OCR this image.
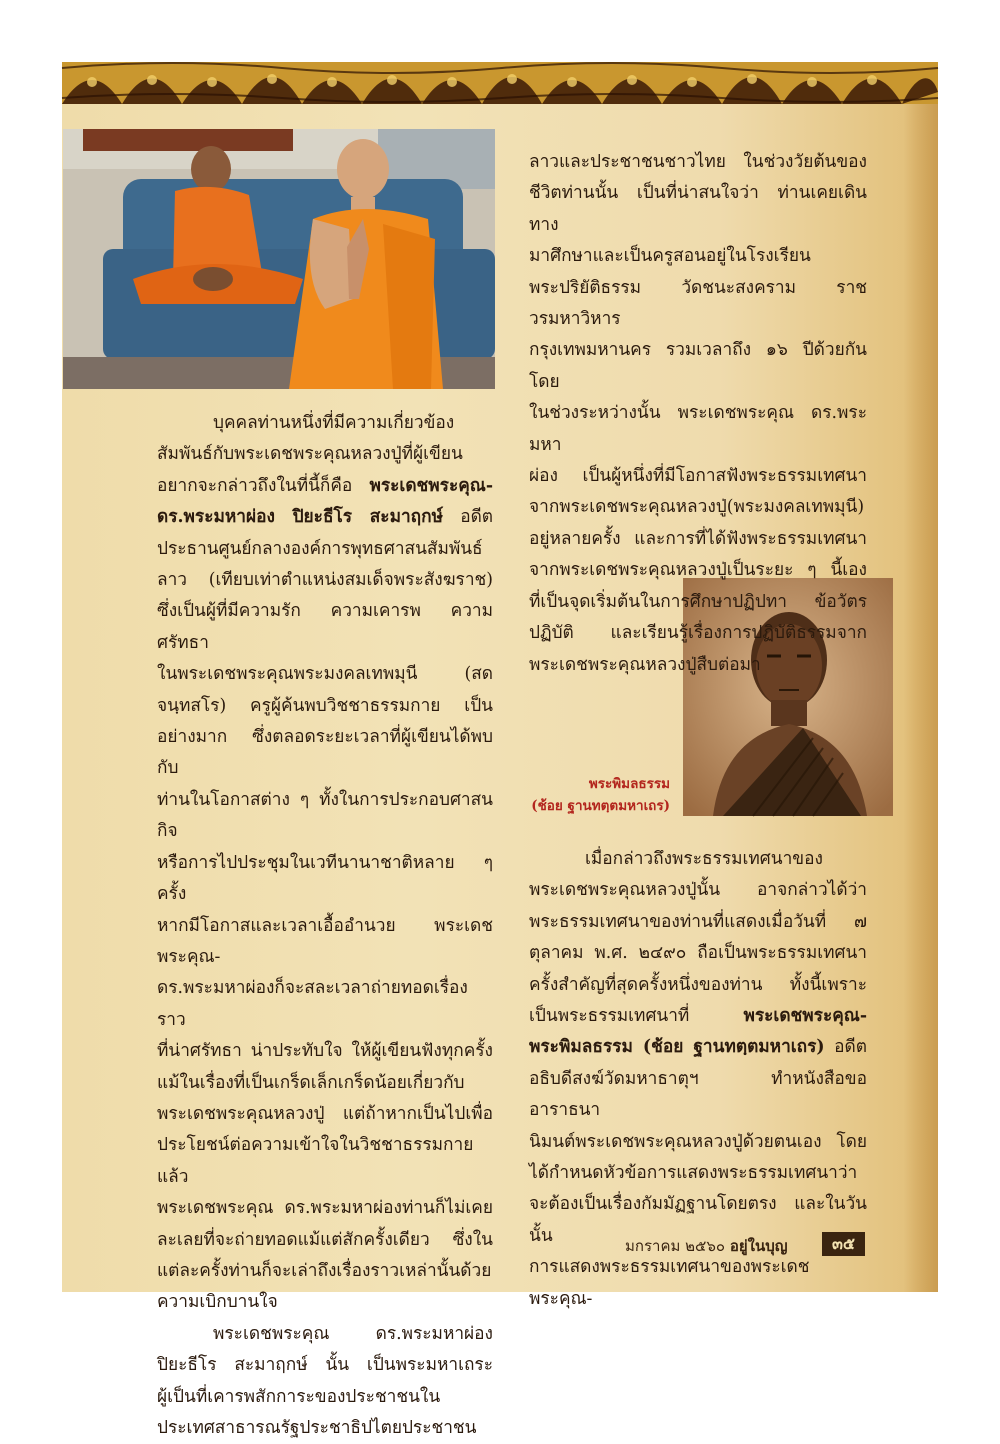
พระพิมลธรรม
(ช้อย ฐานทตฺตมหาเถร)

บุคคลท่านหนึ่งที่มีความเกี่ยวข้อง

สัมพันธ์กับพระเดชพระคุณหลวงปู่ที่ผู้เขียน

อยากจะกล่าวถึงในที่นี้ก็คือ พระเดชพระคุณ-

ดร.พระมหาผ่อง ปิยะธีโร สะมาฤกษ์ อดีต

ประธานศูนย์กลางองค์การพุทธศาสนสัมพันธ์

ลาว (เทียบเท่าตำแหน่งสมเด็จพระสังฆราช)

ซึ่งเป็นผู้ที่มีความรัก ความเคารพ ความศรัทธา

ในพระเดชพระคุณพระมงคลเทพมุนี (สด

จนฺทสโร) ครูผู้ค้นพบวิชชาธรรมกาย เป็น

อย่างมาก ซึ่งตลอดระยะเวลาที่ผู้เขียนได้พบกับ

ท่านในโอกาสต่าง ๆ ทั้งในการประกอบศาสนกิจ

หรือการไปประชุมในเวทีนานาชาติหลาย ๆ ครั้ง

หากมีโอกาสและเวลาเอื้ออำนวย พระเดชพระคุณ-

ดร.พระมหาผ่องก็จะสละเวลาถ่ายทอดเรื่องราว

ที่น่าศรัทธา น่าประทับใจ ให้ผู้เขียนฟังทุกครั้ง

แม้ในเรื่องที่เป็นเกร็ดเล็กเกร็ดน้อยเกี่ยวกับ

พระเดชพระคุณหลวงปู่ แต่ถ้าหากเป็นไปเพื่อ

ประโยชน์ต่อความเข้าใจในวิชชาธรรมกายแล้ว

พระเดชพระคุณ ดร.พระมหาผ่องท่านก็ไม่เคย

ละเลยที่จะถ่ายทอดแม้แต่สักครั้งเดียว ซึ่งใน

แต่ละครั้งท่านก็จะเล่าถึงเรื่องราวเหล่านั้นด้วย

ความเบิกบานใจ

พระเดชพระคุณ ดร.พระมหาผ่อง

ปิยะธีโร สะมาฤกษ์ นั้น เป็นพระมหาเถระ

ผู้เป็นที่เคารพสักการะของประชาชนใน

ประเทศสาธารณรัฐประชาธิปไตยประชาชน

ลาวและประชาชนชาวไทย ในช่วงวัยต้นของ

ชีวิตท่านนั้น เป็นที่น่าสนใจว่า ท่านเคยเดินทาง

มาศึกษาและเป็นครูสอนอยู่ในโรงเรียน

พระปริยัติธรรม วัดชนะสงคราม ราชวรมหาวิหาร

กรุงเทพมหานคร รวมเวลาถึง ๑๖ ปีด้วยกัน โดย

ในช่วงระหว่างนั้น พระเดชพระคุณ ดร.พระมหา

ผ่อง เป็นผู้หนึ่งที่มีโอกาสฟังพระธรรมเทศนา

จากพระเดชพระคุณหลวงปู่(พระมงคลเทพมุนี)

อยู่หลายครั้ง และการที่ได้ฟังพระธรรมเทศนา

จากพระเดชพระคุณหลวงปู่เป็นระยะ ๆ นี้เอง

ที่เป็นจุดเริ่มต้นในการศึกษาปฏิปทา ข้อวัตร

ปฏิบัติ และเรียนรู้เรื่องการปฏิบัติธรรมจาก

พระเดชพระคุณหลวงปู่สืบต่อมา

เมื่อกล่าวถึงพระธรรมเทศนาของ

พระเดชพระคุณหลวงปู่นั้น อาจกล่าวได้ว่า

พระธรรมเทศนาของท่านที่แสดงเมื่อวันที่ ๗

ตุลาคม พ.ศ. ๒๔๙๐ ถือเป็นพระธรรมเทศนา

ครั้งสำคัญที่สุดครั้งหนึ่งของท่าน ทั้งนี้เพราะ

เป็นพระธรรมเทศนาที่	พระเดชพระคุณ-

พระพิมลธรรม (ช้อย ฐานทตฺตมหาเถร) อดีต

อธิบดีสงฆ์วัดมหาธาตุฯ ทำหนังสือขออาราธนา

นิมนต์พระเดชพระคุณหลวงปู่ด้วยตนเอง โดย

ได้กำหนดหัวข้อการแสดงพระธรรมเทศนาว่า

จะต้องเป็นเรื่องกัมมัฏฐานโดยตรง และในวันนั้น

การแสดงพระธรรมเทศนาของพระเดชพระคุณ-

มกราคม ๒๕๖๐ อยู่ในบุญ	๓๕
